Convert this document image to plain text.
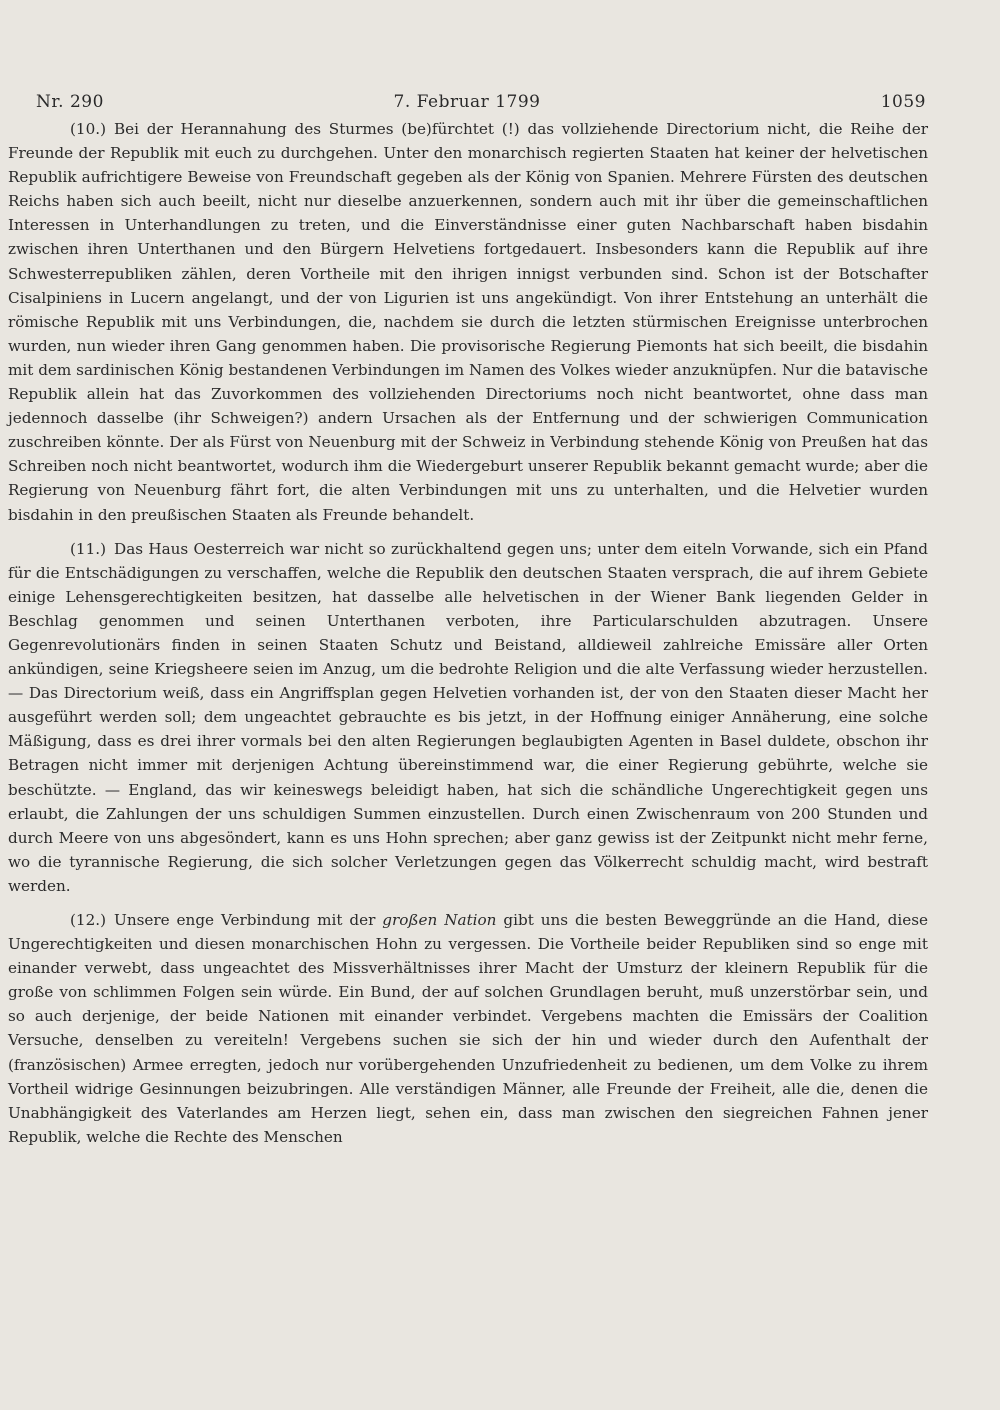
Nr. 290	7. Februar 1799	1059

(10.) Bei der Herannahung des Sturmes (be)fürchtet (!) das vollziehende Directorium nicht, die Reihe der Freunde der Republik mit euch zu durchgehen. Unter den monarchisch regierten Staaten hat keiner der helvetischen Republik aufrichtigere Beweise von Freundschaft gegeben als der König von Spanien. Mehrere Fürsten des deutschen Reichs haben sich auch beeilt, nicht nur dieselbe anzuerkennen, sondern auch mit ihr über die gemeinschaftlichen Interessen in Unterhandlungen zu treten, und die Einverständnisse einer guten Nachbarschaft haben bisdahin zwischen ihren Unterthanen und den Bürgern Helvetiens fortgedauert. Insbesonders kann die Republik auf ihre Schwesterrepubliken zählen, deren Vortheile mit den ihrigen innigst verbunden sind. Schon ist der Botschafter Cisalpiniens in Lucern angelangt, und der von Ligurien ist uns angekündigt. Von ihrer Entstehung an unterhält die römische Republik mit uns Verbindungen, die, nachdem sie durch die letzten stürmischen Ereignisse unterbrochen wurden, nun wieder ihren Gang genommen haben. Die provisorische Regierung Piemonts hat sich beeilt, die bisdahin mit dem sardinischen König bestandenen Verbindungen im Namen des Volkes wieder anzuknüpfen. Nur die batavische Republik allein hat das Zuvorkommen des vollziehenden Directoriums noch nicht beantwortet, ohne dass man jedennoch dasselbe (ihr Schweigen?) andern Ursachen als der Entfernung und der schwierigen Communication zuschreiben könnte. Der als Fürst von Neuenburg mit der Schweiz in Verbindung stehende König von Preußen hat das Schreiben noch nicht beantwortet, wodurch ihm die Wiedergeburt unserer Republik bekannt gemacht wurde; aber die Regierung von Neuenburg fährt fort, die alten Verbindungen mit uns zu unterhalten, und die Helvetier wurden bisdahin in den preußischen Staaten als Freunde behandelt.

(11.) Das Haus Oesterreich war nicht so zurückhaltend gegen uns; unter dem eiteln Vorwande, sich ein Pfand für die Entschädigungen zu verschaffen, welche die Republik den deutschen Staaten versprach, die auf ihrem Gebiete einige Lehensgerechtigkeiten besitzen, hat dasselbe alle helvetischen in der Wiener Bank liegenden Gelder in Beschlag genommen und seinen Unterthanen verboten, ihre Particularschulden abzutragen. Unsere Gegenrevolutionärs finden in seinen Staaten Schutz und Beistand, alldieweil zahlreiche Emissäre aller Orten ankündigen, seine Kriegsheere seien im Anzug, um die bedrohte Religion und die alte Verfassung wieder herzustellen. — Das Directorium weiß, dass ein Angriffsplan gegen Helvetien vorhanden ist, der von den Staaten dieser Macht her ausgeführt werden soll; dem ungeachtet gebrauchte es bis jetzt, in der Hoffnung einiger Annäherung, eine solche Mäßigung, dass es drei ihrer vormals bei den alten Regierungen beglaubigten Agenten in Basel duldete, obschon ihr Betragen nicht immer mit derjenigen Achtung übereinstimmend war, die einer Regierung gebührte, welche sie beschützte. — England, das wir keineswegs beleidigt haben, hat sich die schändliche Ungerechtigkeit gegen uns erlaubt, die Zahlungen der uns schuldigen Summen einzustellen. Durch einen Zwischenraum von 200 Stunden und durch Meere von uns abgesöndert, kann es uns Hohn sprechen; aber ganz gewiss ist der Zeitpunkt nicht mehr ferne, wo die tyrannische Regierung, die sich solcher Verletzungen gegen das Völkerrecht schuldig macht, wird bestraft werden.

(12.) Unsere enge Verbindung mit der großen Nation gibt uns die besten Beweggründe an die Hand, diese Ungerechtigkeiten und diesen monarchischen Hohn zu vergessen. Die Vortheile beider Republiken sind so enge mit einander verwebt, dass ungeachtet des Missverhältnisses ihrer Macht der Umsturz der kleinern Republik für die große von schlimmen Folgen sein würde. Ein Bund, der auf solchen Grundlagen beruht, muß unzerstörbar sein, und so auch derjenige, der beide Nationen mit einander verbindet. Vergebens machten die Emissärs der Coalition Versuche, denselben zu vereiteln! Vergebens suchen sie sich der hin und wieder durch den Aufenthalt der (französischen) Armee erregten, jedoch nur vorübergehenden Unzufriedenheit zu bedienen, um dem Volke zu ihrem Vortheil widrige Gesinnungen beizubringen. Alle verständigen Männer, alle Freunde der Freiheit, alle die, denen die Unabhängigkeit des Vaterlandes am Herzen liegt, sehen ein, dass man zwischen den siegreichen Fahnen jener Republik, welche die Rechte des Menschen
